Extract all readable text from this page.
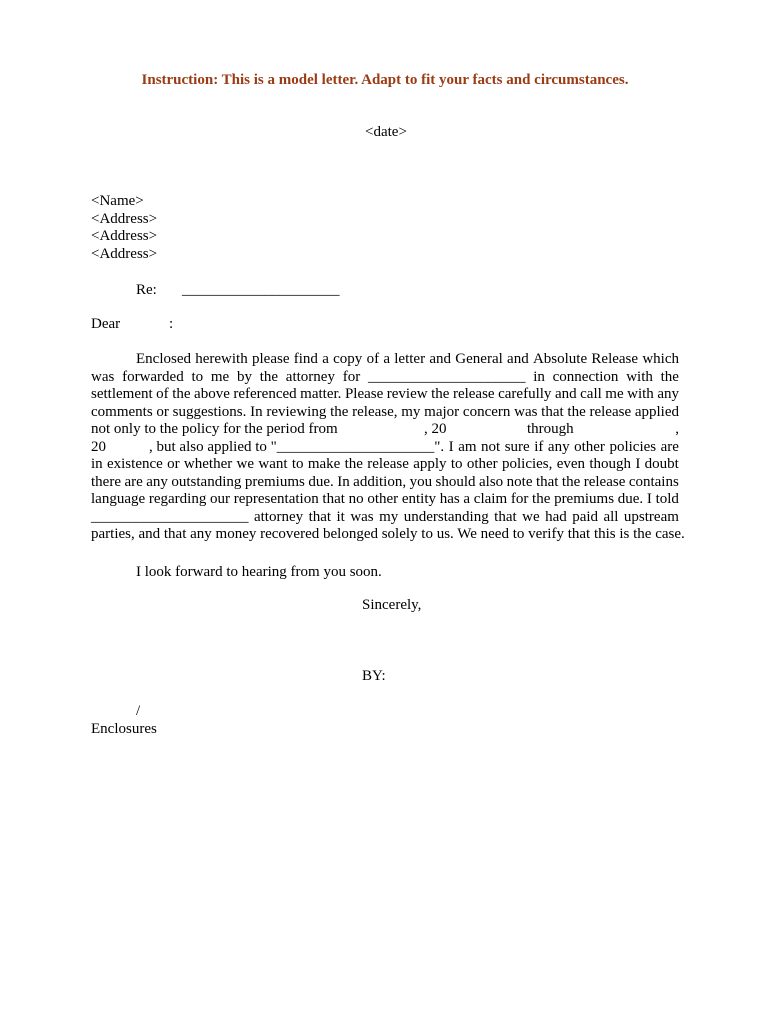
Instruction: This is a model letter. Adapt to fit your facts and circumstances.
<date>
<Name>
<Address>
<Address>
<Address>
Re: _____________________
Dear	:
Enclosed herewith please find a copy of a letter and General and Absolute Release which
was forwarded to me by the attorney for _____________________ in connection with the
settlement of the above referenced matter. Please review the release carefully and call me with any
comments or suggestions. In reviewing the release, my major concern was that the release applied
not only to the policy for the period from	, 20	through	,
20	, but also applied to "_____________________". I am not sure if any other policies are
in existence or whether we want to make the release apply to other policies, even though I doubt
there are any outstanding premiums due. In addition, you should also note that the release contains
language regarding our representation that no other entity has a claim for the premiums due. I told
_____________________ attorney that it was my understanding that we had paid all upstream
parties, and that any money recovered belonged solely to us. We need to verify that this is the case.
I look forward to hearing from you soon.
Sincerely,
BY:
/
Enclosures
